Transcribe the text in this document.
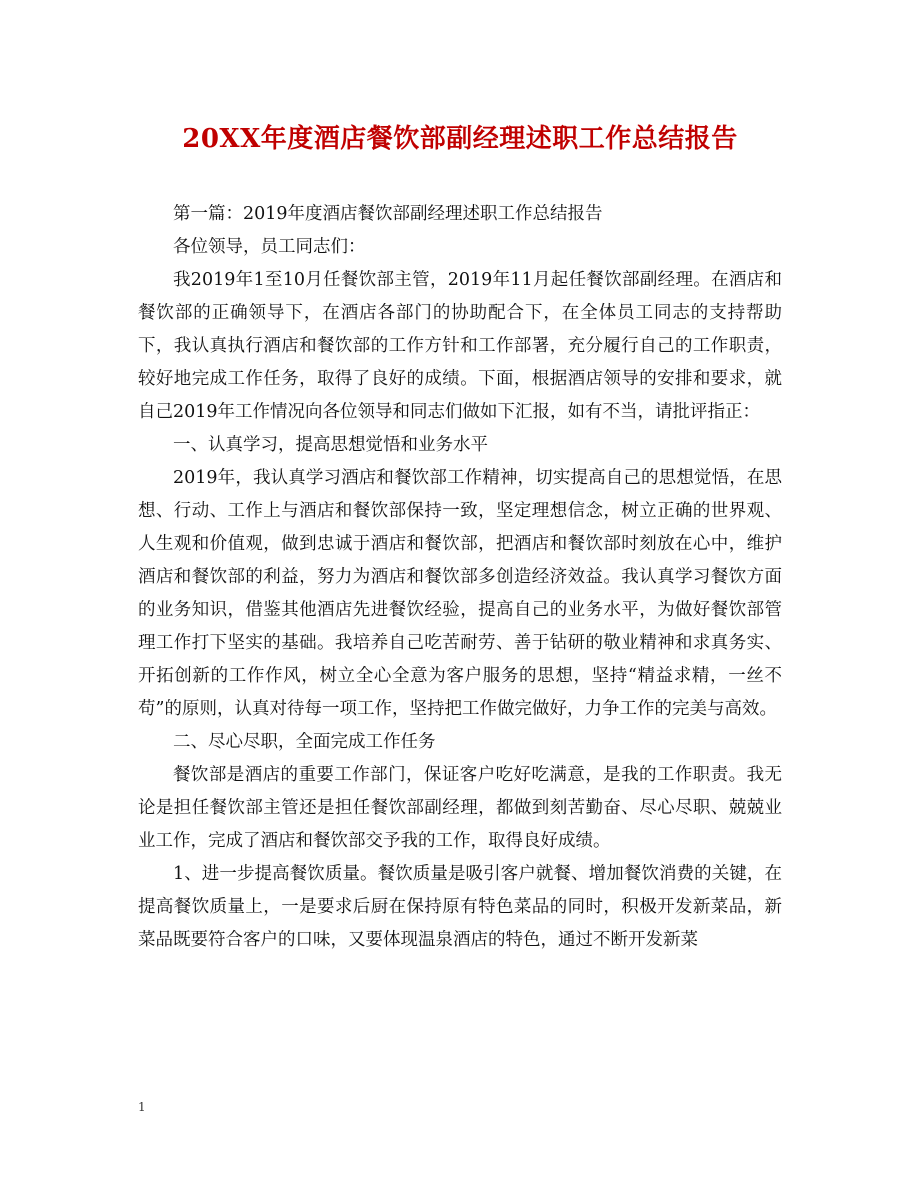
20XX年度酒店餐饮部副经理述职工作总结报告

第一篇：2019年度酒店餐饮部副经理述职工作总结报告

各位领导，员工同志们：

我2019年1至10月任餐饮部主管，2019年11月起任餐饮部副经理。在酒店和餐饮部的正确领导下，在酒店各部门的协助配合下，在全体员工同志的支持帮助下，我认真执行酒店和餐饮部的工作方针和工作部署，充分履行自己的工作职责，较好地完成工作任务，取得了良好的成绩。下面，根据酒店领导的安排和要求，就自己2019年工作情况向各位领导和同志们做如下汇报，如有不当，请批评指正：

一、认真学习，提高思想觉悟和业务水平

2019年，我认真学习酒店和餐饮部工作精神，切实提高自己的思想觉悟，在思想、行动、工作上与酒店和餐饮部保持一致，坚定理想信念，树立正确的世界观、人生观和价值观，做到忠诚于酒店和餐饮部，把酒店和餐饮部时刻放在心中，维护酒店和餐饮部的利益，努力为酒店和餐饮部多创造经济效益。我认真学习餐饮方面的业务知识，借鉴其他酒店先进餐饮经验，提高自己的业务水平，为做好餐饮部管理工作打下坚实的基础。我培养自己吃苦耐劳、善于钻研的敬业精神和求真务实、开拓创新的工作作风，树立全心全意为客户服务的思想，坚持“精益求精，一丝不苟”的原则，认真对待每一项工作，坚持把工作做完做好，力争工作的完美与高效。

二、尽心尽职，全面完成工作任务

餐饮部是酒店的重要工作部门，保证客户吃好吃满意，是我的工作职责。我无论是担任餐饮部主管还是担任餐饮部副经理，都做到刻苦勤奋、尽心尽职、兢兢业业工作，完成了酒店和餐饮部交予我的工作，取得良好成绩。

1、进一步提高餐饮质量。餐饮质量是吸引客户就餐、增加餐饮消费的关键，在提高餐饮质量上，一是要求后厨在保持原有特色菜品的同时，积极开发新菜品，新菜品既要符合客户的口味，又要体现温泉酒店的特色，通过不断开发新菜

1
